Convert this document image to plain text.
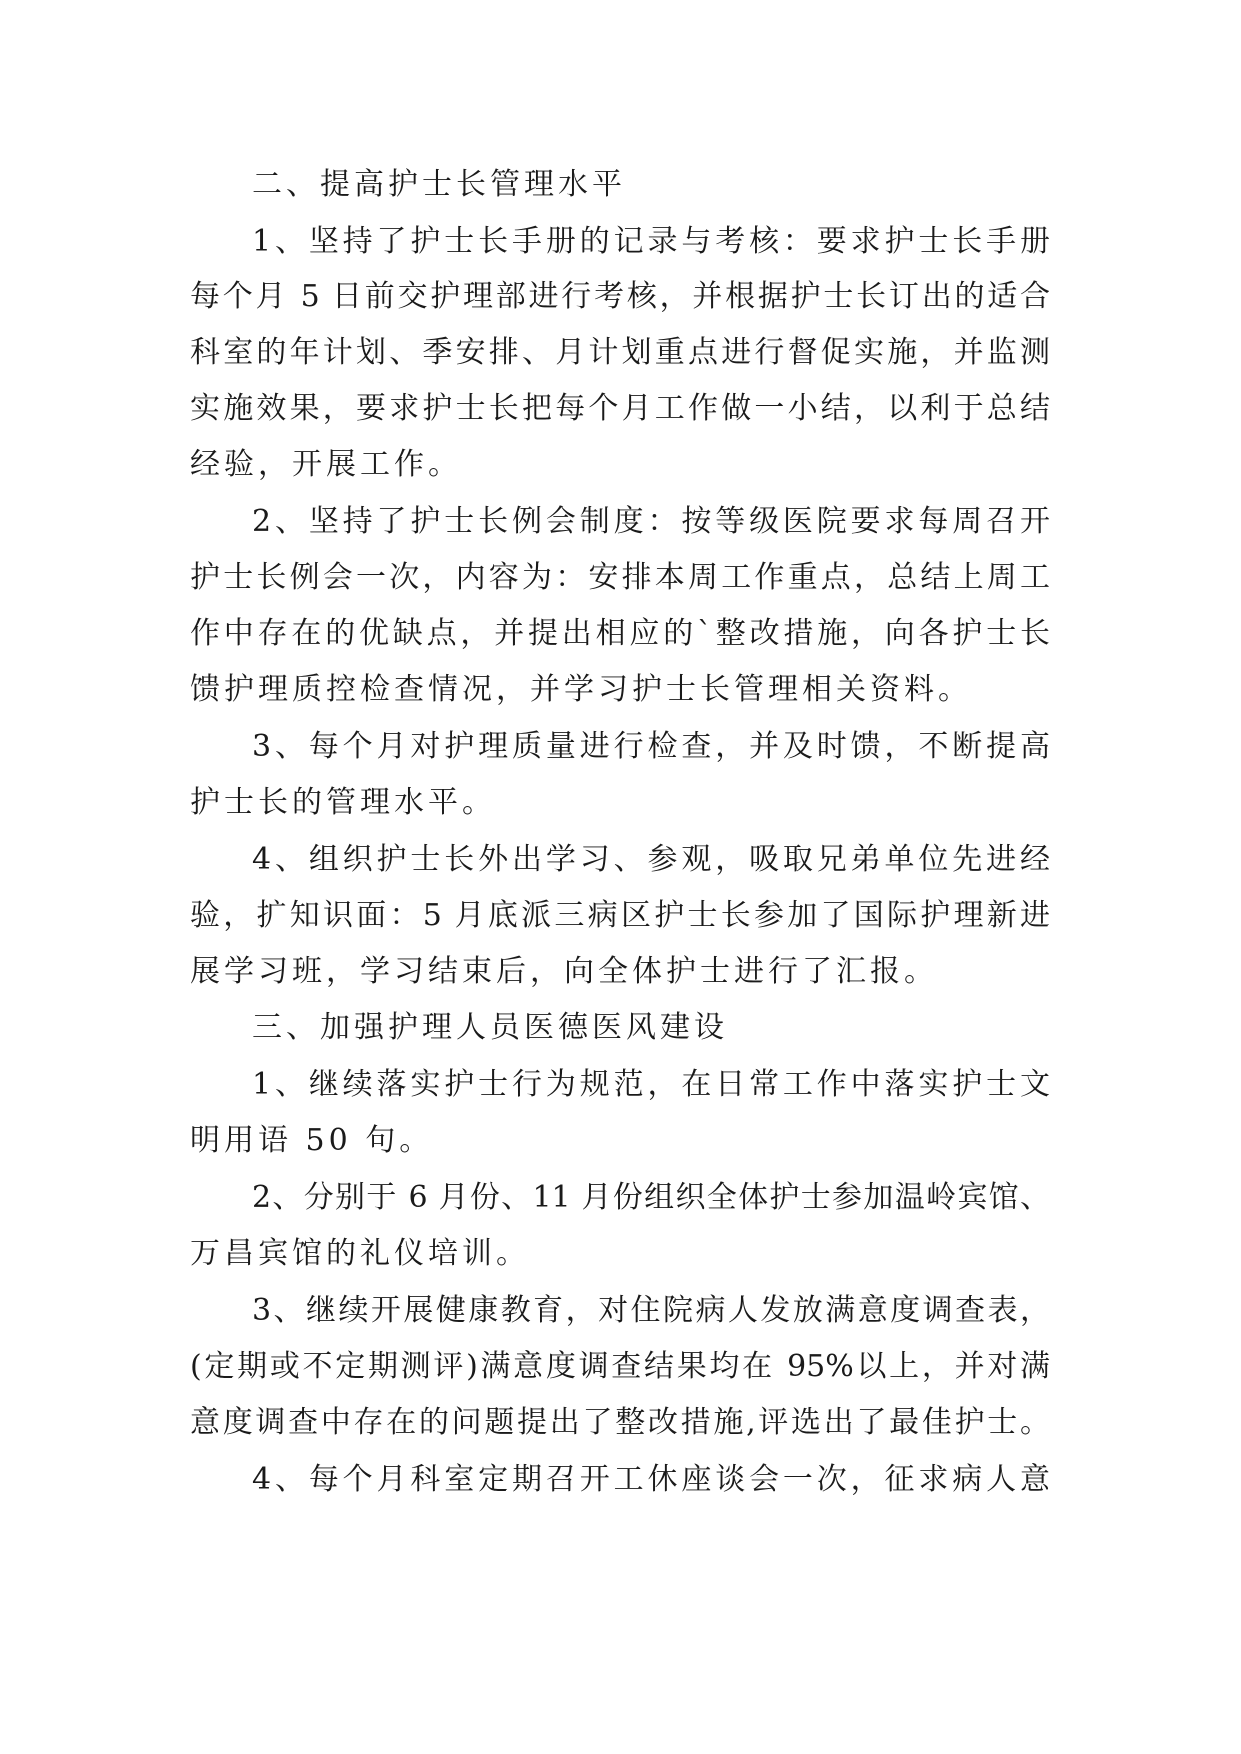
二、提高护士长管理水平
1、坚持了护士长手册的记录与考核：要求护士长手册
每个月 5 日前交护理部进行考核，并根据护士长订出的适合
科室的年计划、季安排、月计划重点进行督促实施，并监测
实施效果，要求护士长把每个月工作做一小结，以利于总结
经验，开展工作。
2、坚持了护士长例会制度：按等级医院要求每周召开
护士长例会一次，内容为：安排本周工作重点，总结上周工
作中存在的优缺点，并提出相应的`整改措施，向各护士长
馈护理质控检查情况，并学习护士长管理相关资料。
3、每个月对护理质量进行检查，并及时馈，不断提高
护士长的管理水平。
4、组织护士长外出学习、参观，吸取兄弟单位先进经
验，扩知识面：5 月底派三病区护士长参加了国际护理新进
展学习班，学习结束后，向全体护士进行了汇报。
三、加强护理人员医德医风建设
1、继续落实护士行为规范，在日常工作中落实护士文
明用语 50 句。
2、分别于 6 月份、11 月份组织全体护士参加温岭宾馆、
万昌宾馆的礼仪培训。
3、继续开展健康教育，对住院病人发放满意度调查表，
(定期或不定期测评)满意度调查结果均在 95%以上，并对满
意度调查中存在的问题提出了整改措施,评选出了最佳护士。
4、每个月科室定期召开工休座谈会一次，征求病人意
